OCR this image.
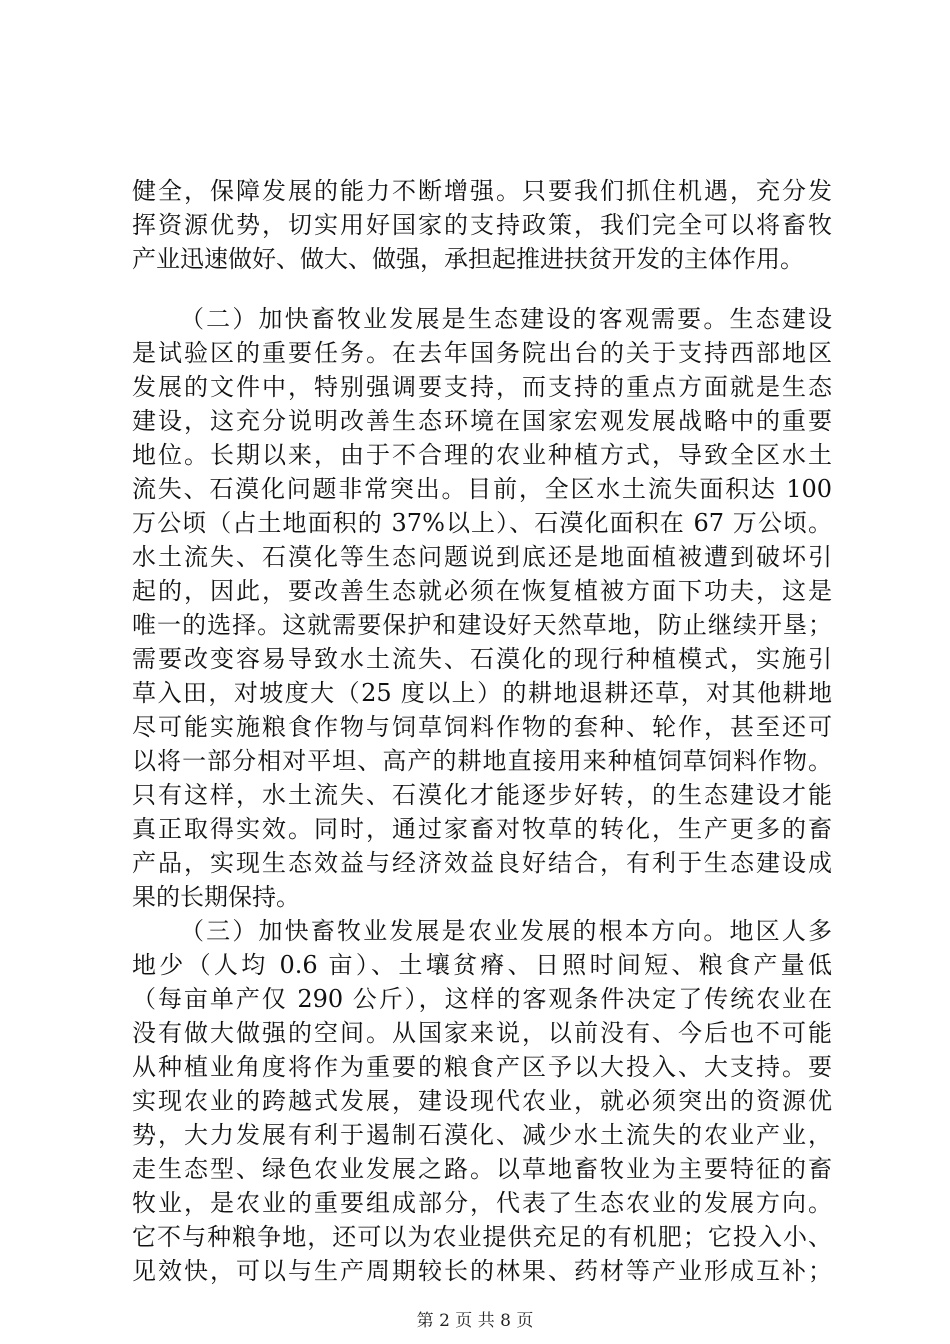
健全，保障发展的能力不断增强。只要我们抓住机遇，充分发
挥资源优势，切实用好国家的支持政策，我们完全可以将畜牧
产业迅速做好、做大、做强，承担起推进扶贫开发的主体作用。
（二）加快畜牧业发展是生态建设的客观需要。生态建设
是试验区的重要任务。在去年国务院出台的关于支持西部地区
发展的文件中，特别强调要支持，而支持的重点方面就是生态
建设，这充分说明改善生态环境在国家宏观发展战略中的重要
地位。长期以来，由于不合理的农业种植方式，导致全区水土
流失、石漠化问题非常突出。目前，全区水土流失面积达 100
万公顷（占土地面积的 37%以上）、石漠化面积在 67 万公顷。
水土流失、石漠化等生态问题说到底还是地面植被遭到破坏引
起的，因此，要改善生态就必须在恢复植被方面下功夫，这是
唯一的选择。这就需要保护和建设好天然草地，防止继续开垦；
需要改变容易导致水土流失、石漠化的现行种植模式，实施引
草入田，对坡度大（25 度以上）的耕地退耕还草，对其他耕地
尽可能实施粮食作物与饲草饲料作物的套种、轮作，甚至还可
以将一部分相对平坦、高产的耕地直接用来种植饲草饲料作物。
只有这样，水土流失、石漠化才能逐步好转，的生态建设才能
真正取得实效。同时，通过家畜对牧草的转化，生产更多的畜
产品，实现生态效益与经济效益良好结合，有利于生态建设成
果的长期保持。
（三）加快畜牧业发展是农业发展的根本方向。地区人多
地少（人均 0.6 亩）、土壤贫瘠、日照时间短、粮食产量低
（每亩单产仅 290 公斤），这样的客观条件决定了传统农业在
没有做大做强的空间。从国家来说，以前没有、今后也不可能
从种植业角度将作为重要的粮食产区予以大投入、大支持。要
实现农业的跨越式发展，建设现代农业，就必须突出的资源优
势，大力发展有利于遏制石漠化、减少水土流失的农业产业，
走生态型、绿色农业发展之路。以草地畜牧业为主要特征的畜
牧业，是农业的重要组成部分，代表了生态农业的发展方向。
它不与种粮争地，还可以为农业提供充足的有机肥；它投入小、
见效快，可以与生产周期较长的林果、药材等产业形成互补；
第 2 页 共 8 页
